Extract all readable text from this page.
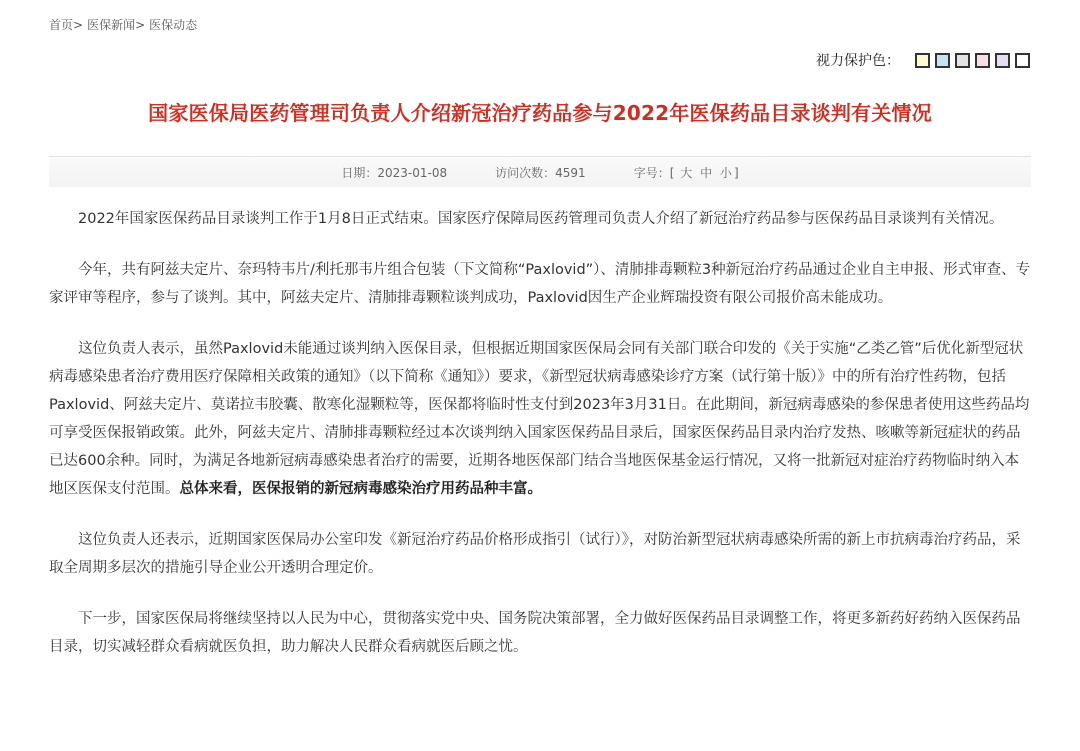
首页> 医保新闻> 医保动态
视力保护色：
国家医保局医药管理司负责人介绍新冠治疗药品参与2022年医保药品目录谈判有关情况
日期：2023-01-08	访问次数：4591	字号：[ 大 中 小 ]

2022年国家医保药品目录谈判工作于1月8日正式结束。国家医疗保障局医药管理司负责人介绍了新冠治疗药品参与医保药品目录谈判有关情况。

今年，共有阿兹夫定片、奈玛特韦片/利托那韦片组合包装（下文简称“Paxlovid”）、清肺排毒颗粒3种新冠治疗药品通过企业自主申报、形式审查、专家评审等程序，参与了谈判。其中，阿兹夫定片、清肺排毒颗粒谈判成功，Paxlovid因生产企业辉瑞投资有限公司报价高未能成功。

这位负责人表示，虽然Paxlovid未能通过谈判纳入医保目录，但根据近期国家医保局会同有关部门联合印发的《关于实施“乙类乙管”后优化新型冠状病毒感染患者治疗费用医疗保障相关政策的通知》（以下简称《通知》）要求，《新型冠状病毒感染诊疗方案（试行第十版）》中的所有治疗性药物，包括Paxlovid、阿兹夫定片、莫诺拉韦胶囊、散寒化湿颗粒等，医保都将临时性支付到2023年3月31日。在此期间，新冠病毒感染的参保患者使用这些药品均可享受医保报销政策。此外，阿兹夫定片、清肺排毒颗粒经过本次谈判纳入国家医保药品目录后，国家医保药品目录内治疗发热、咳嗽等新冠症状的药品已达600余种。同时，为满足各地新冠病毒感染患者治疗的需要，近期各地医保部门结合当地医保基金运行情况，又将一批新冠对症治疗药物临时纳入本地区医保支付范围。总体来看，医保报销的新冠病毒感染治疗用药品种丰富。

这位负责人还表示，近期国家医保局办公室印发《新冠治疗药品价格形成指引（试行）》，对防治新型冠状病毒感染所需的新上市抗病毒治疗药品，采取全周期多层次的措施引导企业公开透明合理定价。

下一步，国家医保局将继续坚持以人民为中心，贯彻落实党中央、国务院决策部署，全力做好医保药品目录调整工作，将更多新药好药纳入医保药品目录，切实减轻群众看病就医负担，助力解决人民群众看病就医后顾之忧。
